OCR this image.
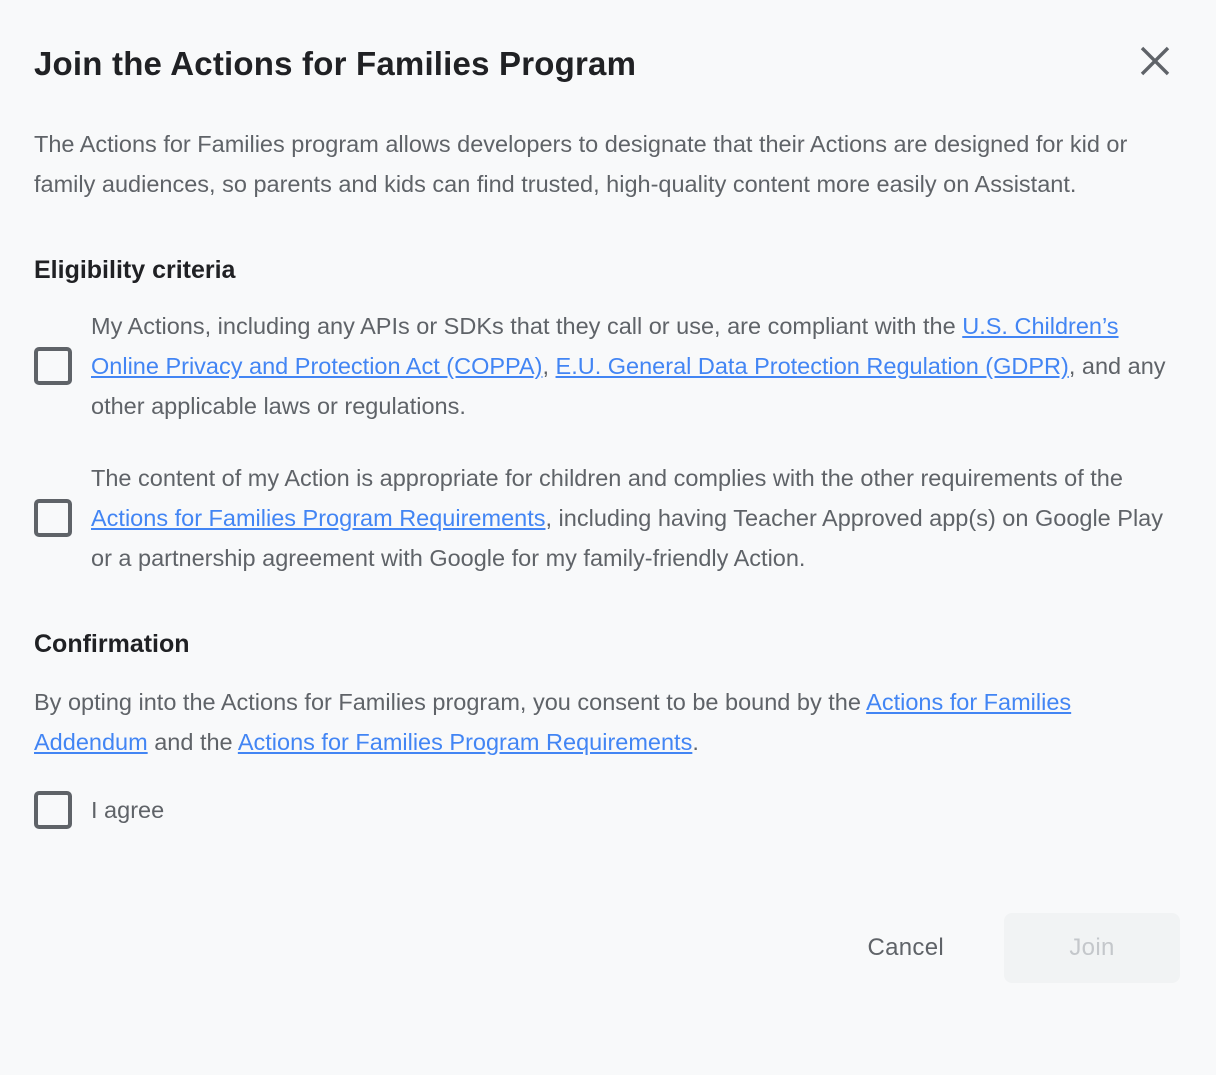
Join the Actions for Families Program

The Actions for Families program allows developers to designate that their Actions are designed for kid or family audiences, so parents and kids can find trusted, high-quality content more easily on Assistant.

Eligibility criteria
My Actions, including any APIs or SDKs that they call or use, are compliant with the U.S. Children’s Online Privacy and Protection Act (COPPA), E.U. General Data Protection Regulation (GDPR), and any other applicable laws or regulations.
The content of my Action is appropriate for children and complies with the other requirements of the Actions for Families Program Requirements, including having Teacher Approved app(s) on Google Play or a partnership agreement with Google for my family-friendly Action.
Confirmation

By opting into the Actions for Families program, you consent to be bound by the Actions for Families Addendum and the Actions for Families Program Requirements.

I agree
Cancel	Join
